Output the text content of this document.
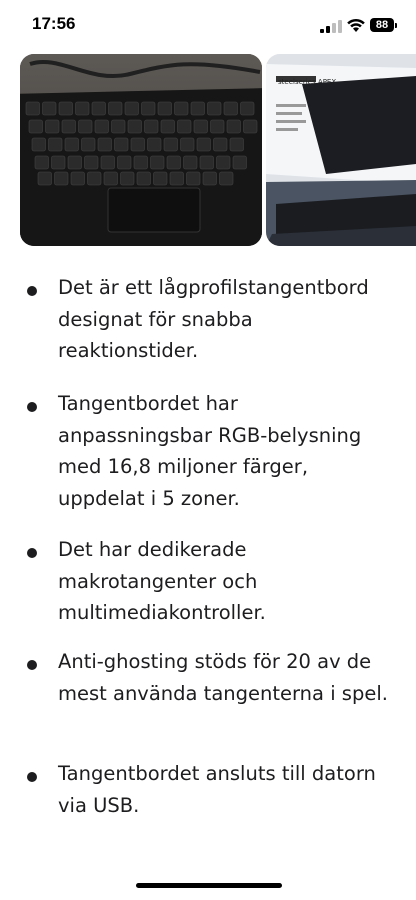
17:56	88
steelseries APEX
Det är ett lågprofilstangentbord designat för snabba reaktionstider.
Tangentbordet har anpassningsbar RGB-belysning med 16,8 miljoner färger, uppdelat i 5 zoner.
Det har dedikerade makrotangenter och multimediakontroller.
Anti-ghosting stöds för 20 av de mest använda tangenterna i spel.
Tangentbordet ansluts till datorn via USB.
